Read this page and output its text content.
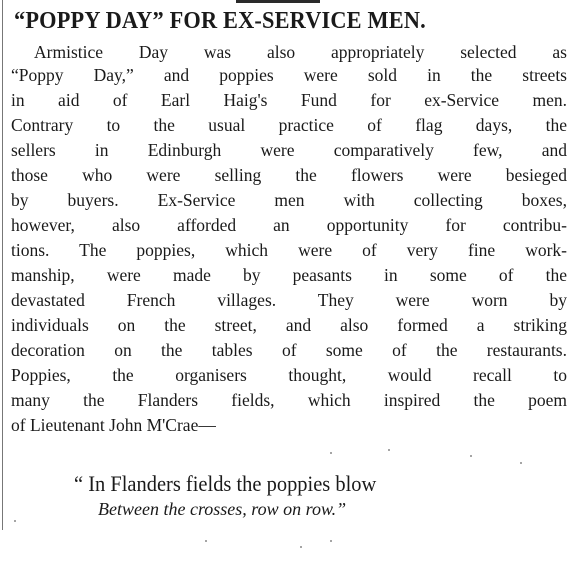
“POPPY DAY” FOR EX-SERVICE MEN.
Armistice Day was also appropriately selected as
“Poppy Day,” and poppies were sold in the streets
in aid of Earl Haig's Fund for ex-Service men.
Contrary to the usual practice of flag days, the
sellers in Edinburgh were comparatively few, and
those who were selling the flowers were besieged
by buyers. Ex-Service men with collecting boxes,
however, also afforded an opportunity for contribu-
tions. The poppies, which were of very fine work-
manship, were made by peasants in some of the
devastated French villages. They were worn by
individuals on the street, and also formed a striking
decoration on the tables of some of the restaurants.
Poppies, the organisers thought, would recall to
many the Flanders fields, which inspired the poem
of Lieutenant John M'Crae—
“ In Flanders fields the poppies blow
Between the crosses, row on row.”
